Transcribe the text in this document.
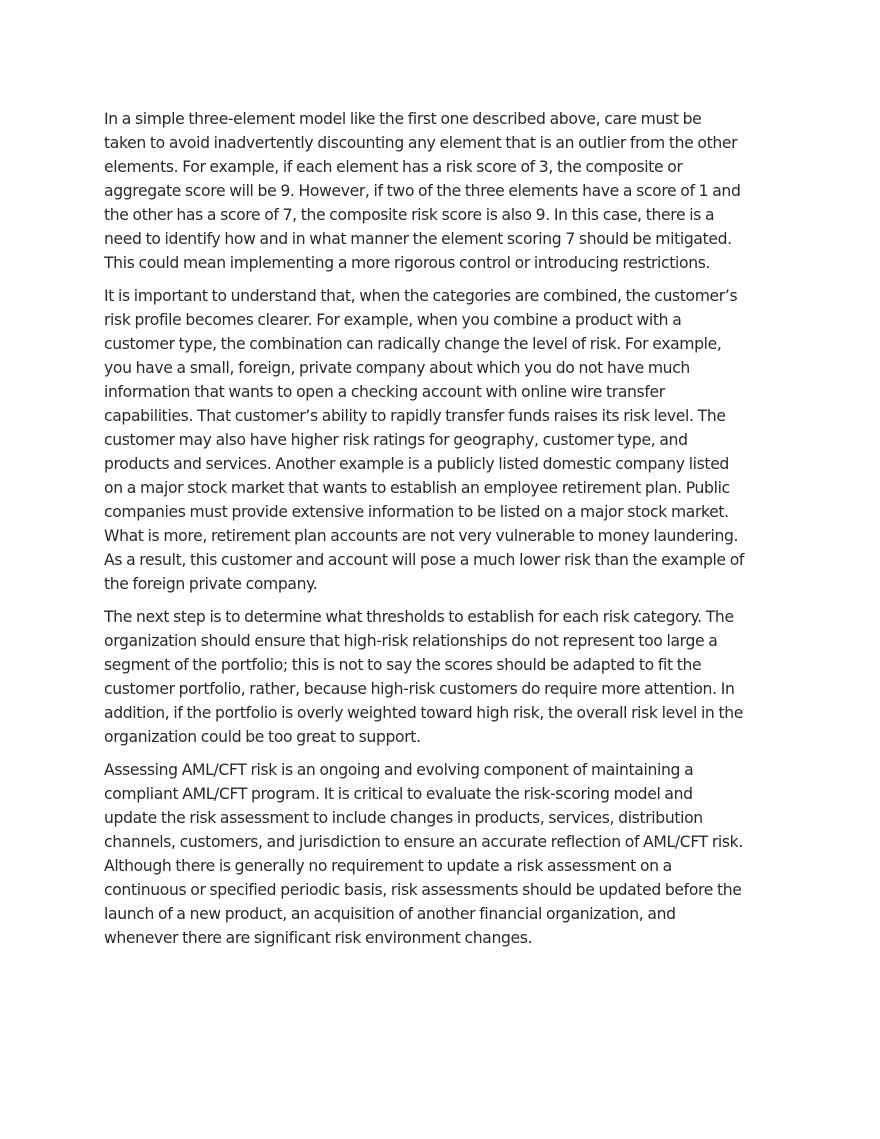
In a simple three-element model like the first one described above, care must be taken to avoid inadvertently discounting any element that is an outlier from the other elements. For example, if each element has a risk score of 3, the composite or aggregate score will be 9. However, if two of the three elements have a score of 1 and the other has a score of 7, the composite risk score is also 9. In this case, there is a need to identify how and in what manner the element scoring 7 should be mitigated. This could mean implementing a more rigorous control or introducing restrictions.

It is important to understand that, when the categories are combined, the customer’s risk profile becomes clearer. For example, when you combine a product with a customer type, the combination can radically change the level of risk. For example, you have a small, foreign, private company about which you do not have much information that wants to open a checking account with online wire transfer capabilities. That customer’s ability to rapidly transfer funds raises its risk level. The customer may also have higher risk ratings for geography, customer type, and products and services. Another example is a publicly listed domestic company listed on a major stock market that wants to establish an employee retirement plan. Public companies must provide extensive information to be listed on a major stock market. What is more, retirement plan accounts are not very vulnerable to money laundering. As a result, this customer and account will pose a much lower risk than the example of the foreign private company.

The next step is to determine what thresholds to establish for each risk category. The organization should ensure that high-risk relationships do not represent too large a segment of the portfolio; this is not to say the scores should be adapted to fit the customer portfolio, rather, because high-risk customers do require more attention. In addition, if the portfolio is overly weighted toward high risk, the overall risk level in the organization could be too great to support.

Assessing AML/CFT risk is an ongoing and evolving component of maintaining a compliant AML/CFT program. It is critical to evaluate the risk-scoring model and update the risk assessment to include changes in products, services, distribution channels, customers, and jurisdiction to ensure an accurate reflection of AML/CFT risk. Although there is generally no requirement to update a risk assessment on a continuous or specified periodic basis, risk assessments should be updated before the launch of a new product, an acquisition of another financial organization, and whenever there are significant risk environment changes.
